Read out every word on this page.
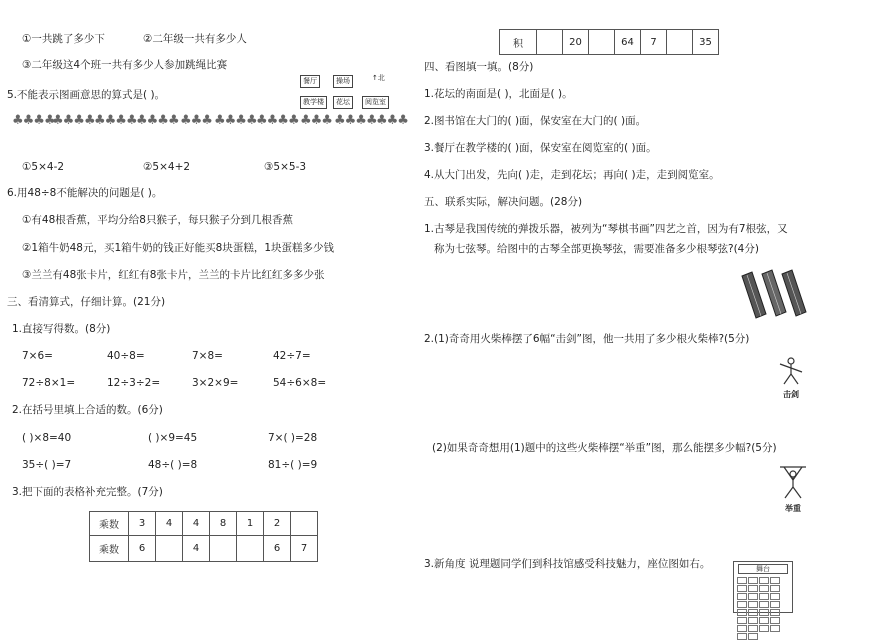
①一共跳了多少下	②二年级一共有多少人
③二年级这4个班一共有多少人参加跳绳比赛
餐厅	操场	↑北
教学楼	花坛	阅览室
5.不能表示图画意思的算式是( )。
♣♣♣♣
♣♣♣♣ ♣♣♣♣ ♣♣♣♣ ♣♣♣ ♣♣♣♣ ♣♣♣♣ ♣♣♣ ♣♣♣♣ ♣♣♣
①5×4-2	②5×4+2	③5×5-3
6.用48÷8不能解决的问题是( )。
①有48根香蕉，平均分给8只猴子，每只猴子分到几根香蕉
②1箱牛奶48元，买1箱牛奶的钱正好能买8块蛋糕，1块蛋糕多少钱
③兰兰有48张卡片，红红有8张卡片，兰兰的卡片比红红多多少张
三、看清算式，仔细计算。(21分)
1.直接写得数。(8分)
7×6=	40÷8=	7×8=	42÷7=
72÷8×1=	12÷3÷2=	3×2×9=	54÷6×8=
2.在括号里填上合适的数。(6分)
( )×8=40	( )×9=45	7×( )=28
35÷( )=7	48÷( )=8	81÷( )=9
3.把下面的表格补充完整。(7分)
乘数	3	4	4	8	1	2	
乘数	6		4			6	7
积		20		64	7		35
四、看图填一填。(8分)
1.花坛的南面是( )，北面是( )。
2.图书馆在大门的( )面，保安室在大门的( )面。
3.餐厅在教学楼的( )面，保安室在阅览室的( )面。
4.从大门出发，先向( )走，走到花坛；再向( )走，走到阅览室。
五、联系实际，解决问题。(28分)
1.古琴是我国传统的弹拨乐器，被列为“琴棋书画”四艺之首，因为有7根弦，又
称为七弦琴。给图中的古琴全部更换琴弦，需要准备多少根琴弦?(4分)
2.(1)奇奇用火柴棒摆了6幅“击剑”图，他一共用了多少根火柴棒?(5分)
击剑
(2)如果奇奇想用(1)题中的这些火柴棒摆“举重”图，那么能摆多少幅?(5分)
举重
3.新角度 说理题同学们到科技馆感受科技魅力，座位图如右。	舞台
